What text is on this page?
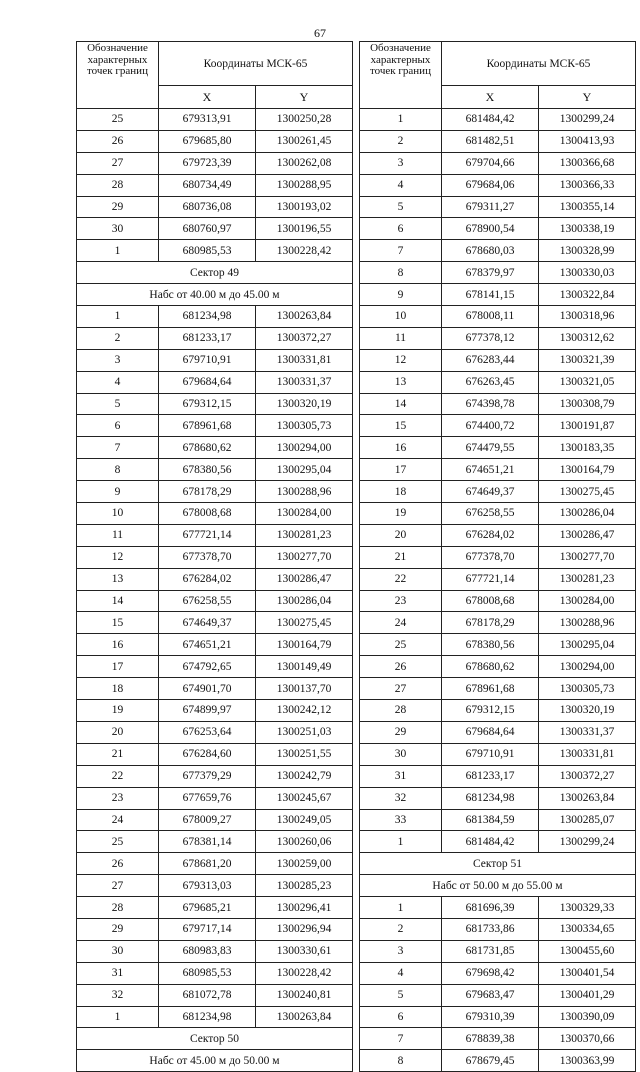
67
Обозначение характерных точек границ	Координаты МСК-65	
	X	Y
25	679313,91	1300250,28
26	679685,80	1300261,45
27	679723,39	1300262,08
28	680734,49	1300288,95
29	680736,08	1300193,02
30	680760,97	1300196,55
1	680985,53	1300228,42
Сектор 49		
Набс от 40.00 м до 45.00 м		
1	681234,98	1300263,84
2	681233,17	1300372,27
3	679710,91	1300331,81
4	679684,64	1300331,37
5	679312,15	1300320,19
6	678961,68	1300305,73
7	678680,62	1300294,00
8	678380,56	1300295,04
9	678178,29	1300288,96
10	678008,68	1300284,00
11	677721,14	1300281,23
12	677378,70	1300277,70
13	676284,02	1300286,47
14	676258,55	1300286,04
15	674649,37	1300275,45
16	674651,21	1300164,79
17	674792,65	1300149,49
18	674901,70	1300137,70
19	674899,97	1300242,12
20	676253,64	1300251,03
21	676284,60	1300251,55
22	677379,29	1300242,79
23	677659,76	1300245,67
24	678009,27	1300249,05
25	678381,14	1300260,06
26	678681,20	1300259,00
27	679313,03	1300285,23
28	679685,21	1300296,41
29	679717,14	1300296,94
30	680983,83	1300330,61
31	680985,53	1300228,42
32	681072,78	1300240,81
1	681234,98	1300263,84
Сектор 50		
Набс от 45.00 м до 50.00 м		
Обозначение характерных точек границ	Координаты МСК-65	
	X	Y
1	681484,42	1300299,24
2	681482,51	1300413,93
3	679704,66	1300366,68
4	679684,06	1300366,33
5	679311,27	1300355,14
6	678900,54	1300338,19
7	678680,03	1300328,99
8	678379,97	1300330,03
9	678141,15	1300322,84
10	678008,11	1300318,96
11	677378,12	1300312,62
12	676283,44	1300321,39
13	676263,45	1300321,05
14	674398,78	1300308,79
15	674400,72	1300191,87
16	674479,55	1300183,35
17	674651,21	1300164,79
18	674649,37	1300275,45
19	676258,55	1300286,04
20	676284,02	1300286,47
21	677378,70	1300277,70
22	677721,14	1300281,23
23	678008,68	1300284,00
24	678178,29	1300288,96
25	678380,56	1300295,04
26	678680,62	1300294,00
27	678961,68	1300305,73
28	679312,15	1300320,19
29	679684,64	1300331,37
30	679710,91	1300331,81
31	681233,17	1300372,27
32	681234,98	1300263,84
33	681384,59	1300285,07
1	681484,42	1300299,24
Сектор 51		
Набс от 50.00 м до 55.00 м		
1	681696,39	1300329,33
2	681733,86	1300334,65
3	681731,85	1300455,60
4	679698,42	1300401,54
5	679683,47	1300401,29
6	679310,39	1300390,09
7	678839,38	1300370,66
8	678679,45	1300363,99
